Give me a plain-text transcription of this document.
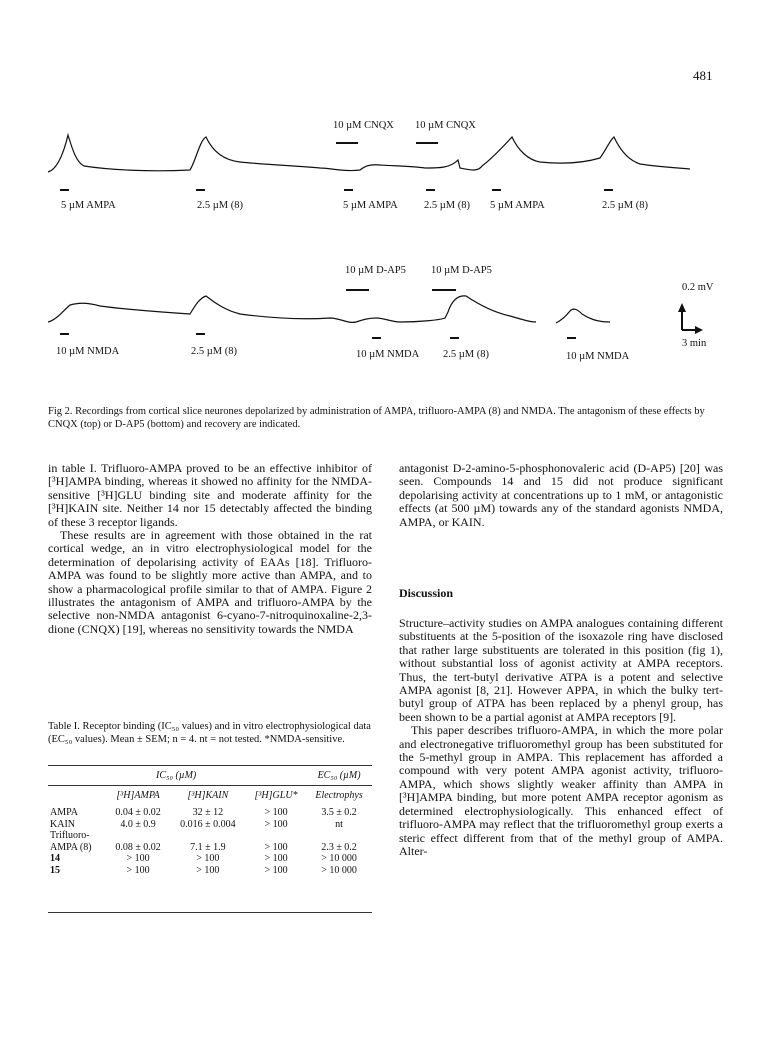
481
10 µM CNQX 10 µM CNQX
5 µM AMPA	2.5 µM (8)	5 µM AMPA	2.5 µM (8) 5 µM AMPA	2.5 µM (8)
10 µM D-AP5 10 µM D-AP5
10 µM NMDA	2.5 µM (8)	10 µM NMDA 2.5 µM (8)	10 µM NMDA
0.2 mV
3 min
Fig 2. Recordings from cortical slice neurones depolarized by administration of AMPA, trifluoro-AMPA (8) and NMDA. The antagonism of these effects by CNQX (top) or D-AP5 (bottom) and recovery are indicated.

in table I. Trifluoro-AMPA proved to be an effective inhibitor of [³H]AMPA binding, whereas it showed no affinity for the NMDA-sensitive [³H]GLU binding site and moderate affinity for the [³H]KAIN site. Neither 14 nor 15 detectably affected the binding of these 3 receptor ligands.

These results are in agreement with those obtained in the rat cortical wedge, an in vitro electrophysiological model for the determination of depolarising activity of EAAs [18]. Trifluoro-AMPA was found to be slightly more active than AMPA, and to show a pharmacological profile similar to that of AMPA. Figure 2 illustrates the antagonism of AMPA and trifluoro-AMPA by the selective non-NMDA antagonist 6-cyano-7-nitroquinoxaline-2,3-dione (CNQX) [19], whereas no sensitivity towards the NMDA

antagonist D-2-amino-5-phosphonovaleric acid (D-AP5) [20] was seen. Compounds 14 and 15 did not produce significant depolarising activity at concentrations up to 1 mM, or antagonistic effects (at 500 µM) towards any of the standard agonists NMDA, AMPA, or KAIN.

Discussion

Structure–activity studies on AMPA analogues containing different substituents at the 5-position of the isoxazole ring have disclosed that rather large substituents are tolerated in this position (fig 1), without substantial loss of agonist activity at AMPA receptors. Thus, the tert-butyl derivative ATPA is a potent and selective AMPA agonist [8, 21]. However APPA, in which the bulky tert-butyl group of ATPA has been replaced by a phenyl group, has been shown to be a partial agonist at AMPA receptors [9].

This paper describes trifluoro-AMPA, in which the more polar and electronegative trifluoromethyl group has been substituted for the 5-methyl group in AMPA. This replacement has afforded a compound with very potent AMPA agonist activity, trifluoro-AMPA, which shows slightly weaker affinity than AMPA in [³H]AMPA binding, but more potent AMPA receptor agonism as determined electrophysiologically. This enhanced effect of trifluoro-AMPA may reflect that the trifluoromethyl group exerts a steric effect different from that of the methyl group of AMPA. Alter-

Table I. Receptor binding (IC₅₀ values) and in vitro electrophysiological data (EC₅₀ values). Mean ± SEM; n = 4. nt = not tested. *NMDA-sensitive.
	IC₅₀ (µM)			EC₅₀ (µM)

	[³H]AMPA	[³H]KAIN	[³H]GLU*	Electrophys

AMPA	0.04 ± 0.02	32 ± 12	> 100	3.5 ± 0.2
KAIN	4.0 ± 0.9	0.016 ± 0.004	> 100	nt
Trifluoro-				
AMPA (8)	0.08 ± 0.02	7.1 ± 1.9	> 100	2.3 ± 0.2
14	> 100	> 100	> 100	> 10 000
15	> 100	> 100	> 100	> 10 000
